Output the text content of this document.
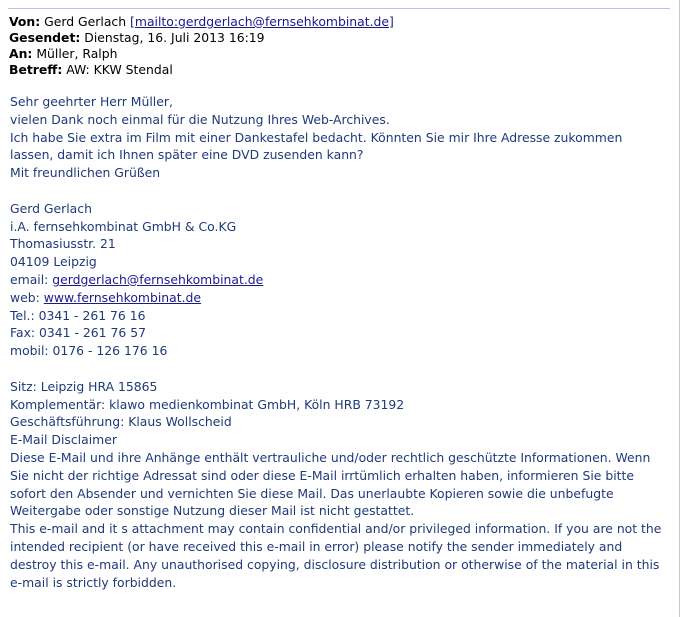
Von: Gerd Gerlach [mailto:gerdgerlach@fernsehkombinat.de]
Gesendet: Dienstag, 16. Juli 2013 16:19
An: Müller, Ralph
Betreff: AW: KKW Stendal
Sehr geehrter Herr Müller,
vielen Dank noch einmal für die Nutzung Ihres Web-Archives.
Ich habe Sie extra im Film mit einer Dankestafel bedacht. Könnten Sie mir Ihre Adresse zukommen
lassen, damit ich Ihnen später eine DVD zusenden kann?
Mit freundlichen Grüßen
Gerd Gerlach
i.A. fernsehkombinat GmbH & Co.KG
Thomasiusstr. 21
04109 Leipzig
email: gerdgerlach@fernsehkombinat.de
web: www.fernsehkombinat.de
Tel.: 0341 - 261 76 16
Fax: 0341 - 261 76 57
mobil: 0176 - 126 176 16
Sitz: Leipzig HRA 15865
Komplementär: klawo medienkombinat GmbH, Köln HRB 73192
Geschäftsführung: Klaus Wollscheid
E-Mail Disclaimer
Diese E-Mail und ihre Anhänge enthält vertrauliche und/oder rechtlich geschützte Informationen. Wenn
Sie nicht der richtige Adressat sind oder diese E-Mail irrtümlich erhalten haben, informieren Sie bitte
sofort den Absender und vernichten Sie diese Mail. Das unerlaubte Kopieren sowie die unbefugte
Weitergabe oder sonstige Nutzung dieser Mail ist nicht gestattet.
This e-mail and it s attachment may contain confidential and/or privileged information. If you are not the
intended recipient (or have received this e-mail in error) please notify the sender immediately and
destroy this e-mail. Any unauthorised copying, disclosure distribution or otherwise of the material in this
e-mail is strictly forbidden.
